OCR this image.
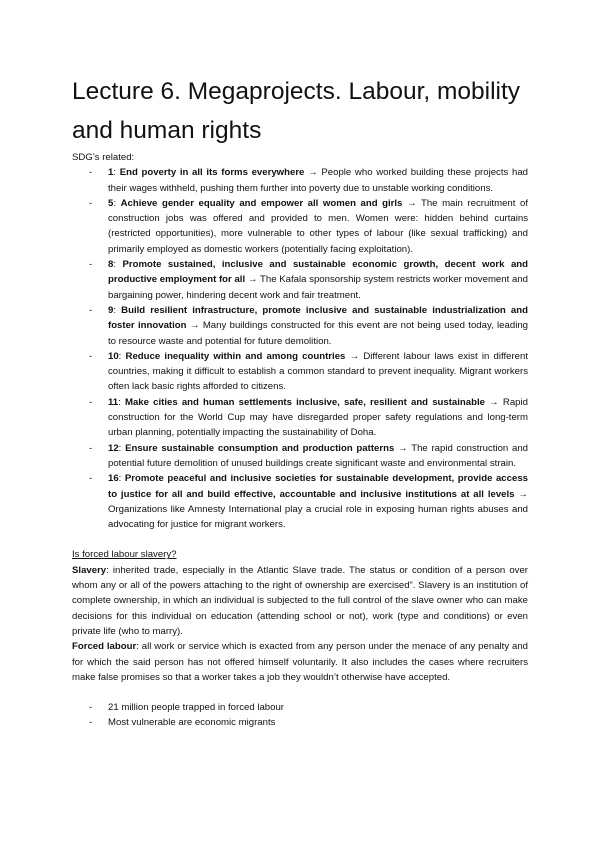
Lecture 6. Megaprojects. Labour, mobility and human rights

SDG’s related:

- 1: End poverty in all its forms everywhere → People who worked building these projects had their wages withheld, pushing them further into poverty due to unstable working conditions.
- 5: Achieve gender equality and empower all women and girls → The main recruitment of construction jobs was offered and provided to men. Women were: hidden behind curtains (restricted opportunities), more vulnerable to other types of labour (like sexual trafficking) and primarily employed as domestic workers (potentially facing exploitation).
- 8: Promote sustained, inclusive and sustainable economic growth, decent work and productive employment for all → The Kafala sponsorship system restricts worker movement and bargaining power, hindering decent work and fair treatment.
- 9: Build resilient infrastructure, promote inclusive and sustainable industrialization and foster innovation → Many buildings constructed for this event are not being used today, leading to resource waste and potential for future demolition.
- 10: Reduce inequality within and among countries → Different labour laws exist in different countries, making it difficult to establish a common standard to prevent inequality. Migrant workers often lack basic rights afforded to citizens.
- 11: Make cities and human settlements inclusive, safe, resilient and sustainable → Rapid construction for the World Cup may have disregarded proper safety regulations and long-term urban planning, potentially impacting the sustainability of Doha.
- 12: Ensure sustainable consumption and production patterns → The rapid construction and potential future demolition of unused buildings create significant waste and environmental strain.
- 16: Promote peaceful and inclusive societies for sustainable development, provide access to justice for all and build effective, accountable and inclusive institutions at all levels → Organizations like Amnesty International play a crucial role in exposing human rights abuses and advocating for justice for migrant workers.

Is forced labour slavery?

Slavery: inherited trade, especially in the Atlantic Slave trade. The status or condition of a person over whom any or all of the powers attaching to the right of ownership are exercised”. Slavery is an institution of complete ownership, in which an individual is subjected to the full control of the slave owner who can make decisions for this individual on education (attending school or not), work (type and conditions) or even private life (who to marry).

Forced labour: all work or service which is exacted from any person under the menace of any penalty and for which the said person has not offered himself voluntarily. It also includes the cases where recruiters make false promises so that a worker takes a job they wouldn’t otherwise have accepted.

- 21 million people trapped in forced labour
- Most vulnerable are economic migrants
